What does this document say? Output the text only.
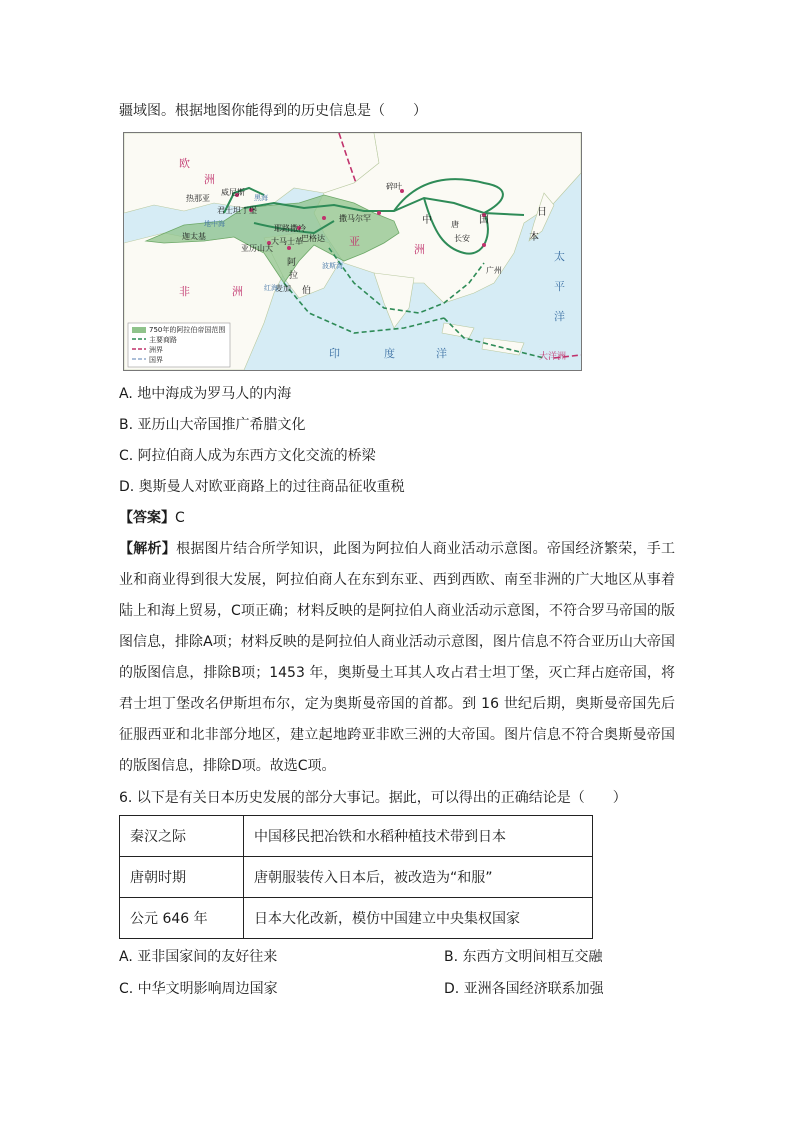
疆域图。根据地图你能得到的历史信息是（　　）
欧
洲
亚
洲
非	洲
印	度	洋
太
平
洋
大洋洲
威尼斯
热那亚
君士坦丁堡
迦太基
亚历山大
大马士革
巴格达
阿
拉
伯
麦加
耶路撒冷
撒马尔罕
碎叶
中	国
长安
广州
日
本
唐
红海
波斯湾
地中海
黑海
750年的阿拉伯帝国范围
主要商路
洲界
国界
A. 地中海成为罗马人的内海
B. 亚历山大帝国推广希腊文化
C. 阿拉伯商人成为东西方文化交流的桥梁
D. 奥斯曼人对欧亚商路上的过往商品征收重税
【答案】C
【解析】根据图片结合所学知识，此图为阿拉伯人商业活动示意图。帝国经济繁荣，手工业和商业得到很大发展，阿拉伯商人在东到东亚、西到西欧、南至非洲的广大地区从事着陆上和海上贸易，C项正确；材料反映的是阿拉伯人商业活动示意图，不符合罗马帝国的版图信息，排除A项；材料反映的是阿拉伯人商业活动示意图，图片信息不符合亚历山大帝国的版图信息，排除B项；1453 年，奥斯曼土耳其人攻占君士坦丁堡，灭亡拜占庭帝国，将君士坦丁堡改名伊斯坦布尔，定为奥斯曼帝国的首都。到 16 世纪后期，奥斯曼帝国先后征服西亚和北非部分地区，建立起地跨亚非欧三洲的大帝国。图片信息不符合奥斯曼帝国的版图信息，排除D项。故选C项。
6. 以下是有关日本历史发展的部分大事记。据此，可以得出的正确结论是（　　）
秦汉之际	中国移民把冶铁和水稻种植技术带到日本
唐朝时期	唐朝服装传入日本后，被改造为“和服”
公元 646 年	日本大化改新，模仿中国建立中央集权国家
A. 亚非国家间的友好往来	B. 东西方文明间相互交融
C. 中华文明影响周边国家	D. 亚洲各国经济联系加强
